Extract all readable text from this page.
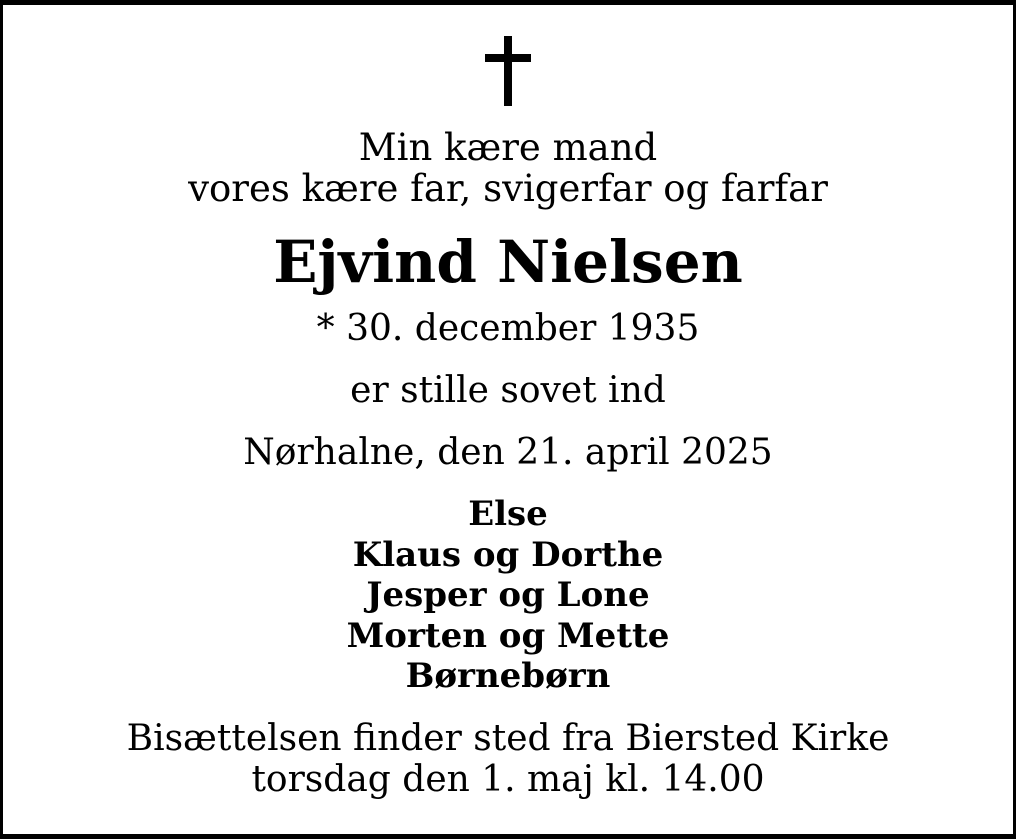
Min kære mand
vores kære far, svigerfar og farfar
Ejvind Nielsen
* 30. december 1935
er stille sovet ind
Nørhalne, den 21. april 2025
Else
Klaus og Dorthe
Jesper og Lone
Morten og Mette
Børnebørn
Bisættelsen finder sted fra Biersted Kirke
torsdag den 1. maj kl. 14.00
